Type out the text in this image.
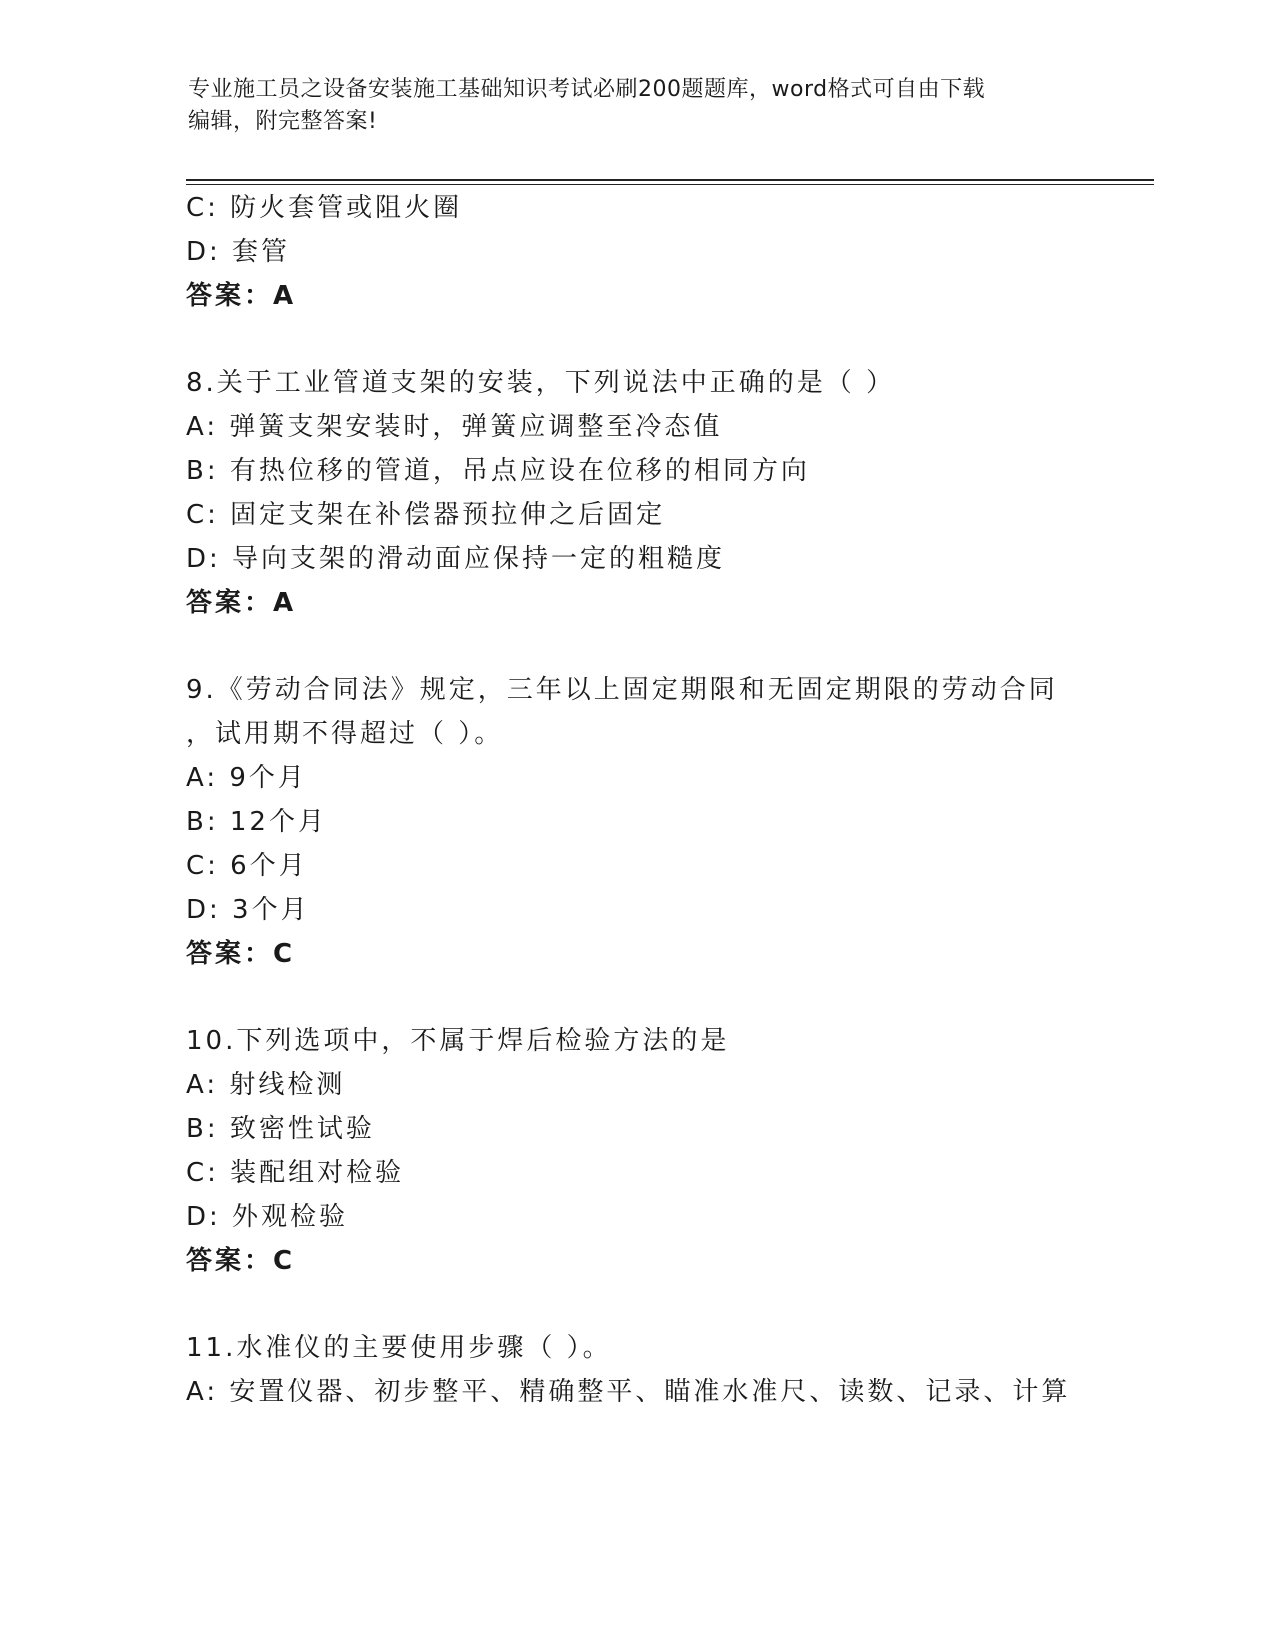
专业施工员之设备安装施工基础知识考试必刷200题题库，word格式可自由下载
编辑，附完整答案!
C: 防火套管或阻火圈
D: 套管
答案：A
8.关于工业管道支架的安装，下列说法中正确的是（ ）
A: 弹簧支架安装时，弹簧应调整至冷态值
B: 有热位移的管道，吊点应设在位移的相同方向
C: 固定支架在补偿器预拉伸之后固定
D: 导向支架的滑动面应保持一定的粗糙度
答案：A
9.《劳动合同法》规定，三年以上固定期限和无固定期限的劳动合同
，试用期不得超过（ ）。
A: 9个月
B: 12个月
C: 6个月
D: 3个月
答案：C
10.下列选项中，不属于焊后检验方法的是
A: 射线检测
B: 致密性试验
C: 装配组对检验
D: 外观检验
答案：C
11.水准仪的主要使用步骤（ ）。
A: 安置仪器、初步整平、精确整平、瞄准水准尺、读数、记录、计算
